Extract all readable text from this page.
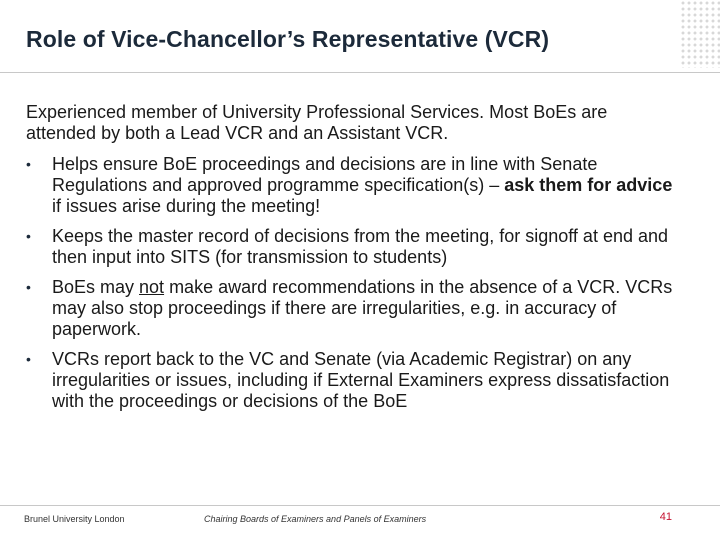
Role of Vice-Chancellor’s Representative (VCR)
Experienced member of University Professional Services. Most BoEs are attended by both a Lead VCR and an Assistant VCR.
• Helps ensure BoE proceedings and decisions are in line with Senate Regulations and approved programme specification(s) – ask them for advice if issues arise during the meeting!
• Keeps the master record of decisions from the meeting, for signoff at end and then input into SITS (for transmission to students)
• BoEs may not make award recommendations in the absence of a VCR. VCRs may also stop proceedings if there are irregularities, e.g. in accuracy of paperwork.
• VCRs report back to the VC and Senate (via Academic Registrar) on any irregularities or issues, including if External Examiners express dissatisfaction with the proceedings or decisions of the BoE
Brunel University London	Chairing Boards of Examiners and Panels of Examiners	41
